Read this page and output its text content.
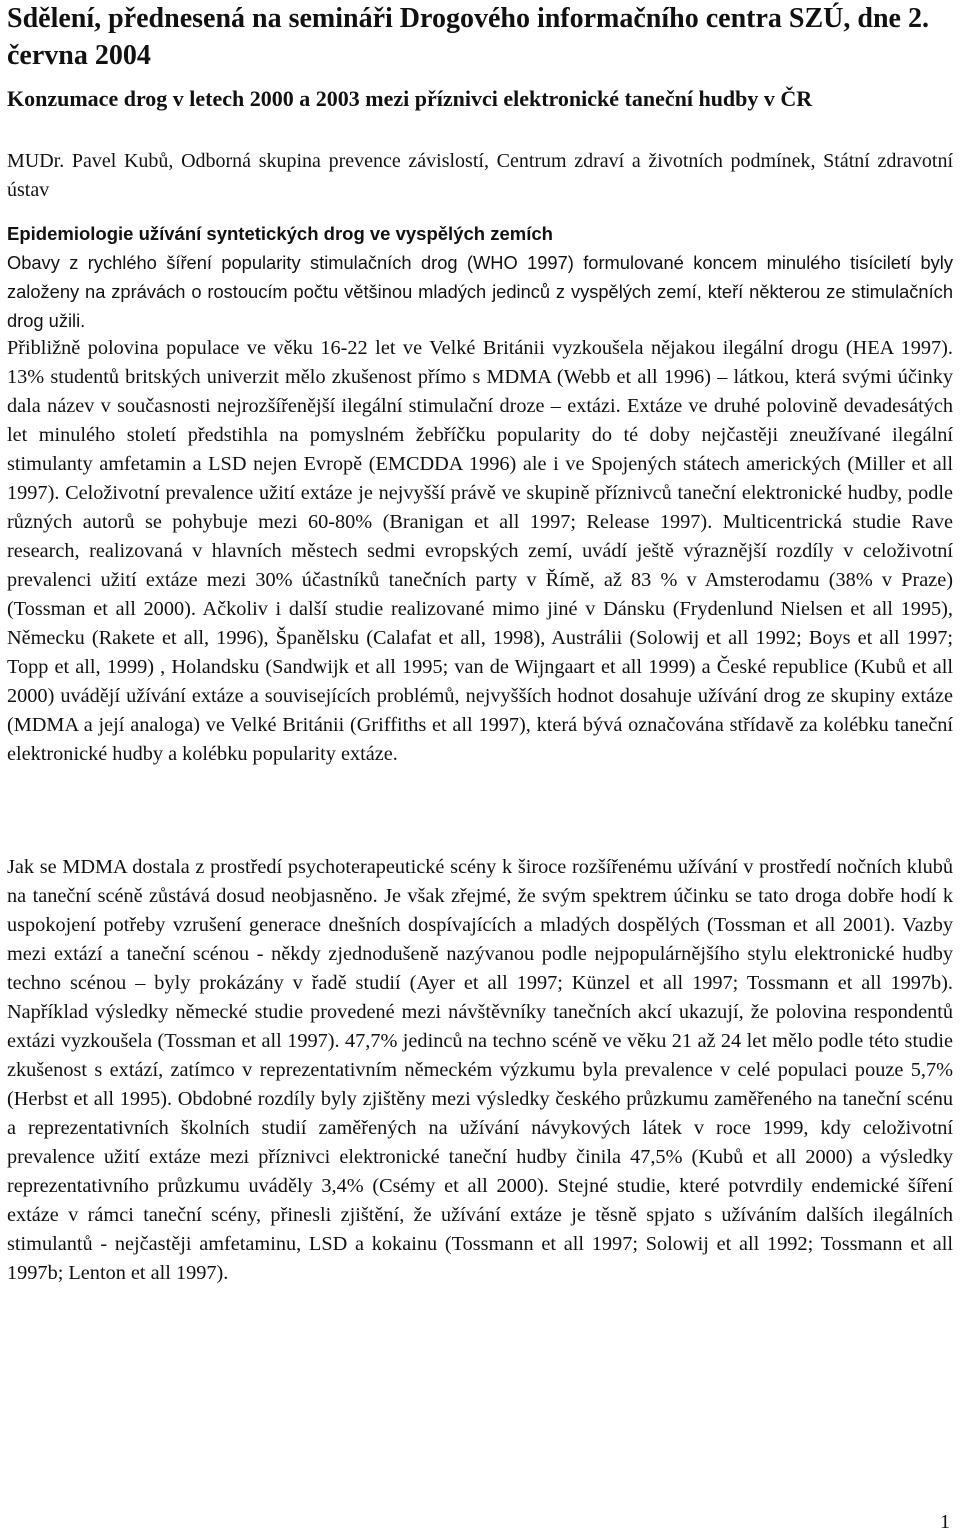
Sdělení, přednesená na semináři Drogového informačního centra SZÚ, dne 2. června 2004
Konzumace drog v letech 2000 a 2003 mezi příznivci elektronické taneční hudby v ČR

MUDr. Pavel Kubů, Odborná skupina prevence závislostí, Centrum zdraví a životních podmínek, Státní zdravotní ústav

Epidemiologie užívání syntetických drog ve vyspělých zemích

Obavy z rychlého šíření popularity stimulačních drog (WHO 1997) formulované koncem minulého tisíciletí byly založeny na zprávách o rostoucím počtu většinou mladých jedinců z vyspělých zemí, kteří některou ze stimulačních drog užili.

Přibližně polovina populace ve věku 16-22 let ve Velké Británii vyzkoušela nějakou ilegální drogu (HEA 1997). 13% studentů britských univerzit mělo zkušenost přímo s MDMA (Webb et all 1996) – látkou, která svými účinky dala název v současnosti nejrozšířenější ilegální stimulační droze – extázi. Extáze ve druhé polovině devadesátých let minulého století předstihla na pomyslném žebříčku popularity do té doby nejčastěji zneužívané ilegální stimulanty amfetamin a LSD nejen Evropě (EMCDDA 1996) ale i ve Spojených státech amerických (Miller et all 1997). Celoživotní prevalence užití extáze je nejvyšší právě ve skupině příznivců taneční elektronické hudby, podle různých autorů se pohybuje mezi 60-80% (Branigan et all 1997; Release 1997). Multicentrická studie Rave research, realizovaná v hlavních městech sedmi evropských zemí, uvádí ještě výraznější rozdíly v celoživotní prevalenci užití extáze mezi 30% účastníků tanečních party v Římě, až 83 % v Amsterodamu (38% v Praze) (Tossman et all 2000). Ačkoliv i další studie realizované mimo jiné v Dánsku (Frydenlund Nielsen et all 1995), Německu (Rakete et all, 1996), Španělsku (Calafat et all, 1998), Austrálii (Solowij et all 1992; Boys et all 1997; Topp et all, 1999) , Holandsku (Sandwijk et all 1995; van de Wijngaart et all 1999) a České republice (Kubů et all 2000) uvádějí užívání extáze a souvisejících problémů, nejvyšších hodnot dosahuje užívání drog ze skupiny extáze (MDMA a její analoga) ve Velké Británii (Griffiths et all 1997), která bývá označována střídavě za kolébku taneční elektronické hudby a kolébku popularity extáze.

Jak se MDMA dostala z prostředí psychoterapeutické scény k široce rozšířenému užívání v prostředí nočních klubů na taneční scéně zůstává dosud neobjasněno. Je však zřejmé, že svým spektrem účinku se tato droga dobře hodí k uspokojení potřeby vzrušení generace dnešních dospívajících a mladých dospělých (Tossman et all 2001). Vazby mezi extází a taneční scénou - někdy zjednodušeně nazývanou podle nejpopulárnějšího stylu elektronické hudby techno scénou – byly prokázány v řadě studií (Ayer et all 1997; Künzel et all 1997; Tossmann et all 1997b). Například výsledky německé studie provedené mezi návštěvníky tanečních akcí ukazují, že polovina respondentů extázi vyzkoušela (Tossman et all 1997). 47,7% jedinců na techno scéně ve věku 21 až 24 let mělo podle této studie zkušenost s extází, zatímco v reprezentativním německém výzkumu byla prevalence v celé populaci pouze 5,7% (Herbst et all 1995). Obdobné rozdíly byly zjištěny mezi výsledky českého průzkumu zaměřeného na taneční scénu a reprezentativních školních studií zaměřených na užívání návykových látek v roce 1999, kdy celoživotní prevalence užití extáze mezi příznivci elektronické taneční hudby činila 47,5% (Kubů et all 2000) a výsledky reprezentativního průzkumu uváděly 3,4% (Csémy et all 2000). Stejné studie, které potvrdily endemické šíření extáze v rámci taneční scény, přinesli zjištění, že užívání extáze je těsně spjato s užíváním dalších ilegálních stimulantů - nejčastěji amfetaminu, LSD a kokainu (Tossmann et all 1997; Solowij et all 1992; Tossmann et all 1997b; Lenton et all 1997).

1
